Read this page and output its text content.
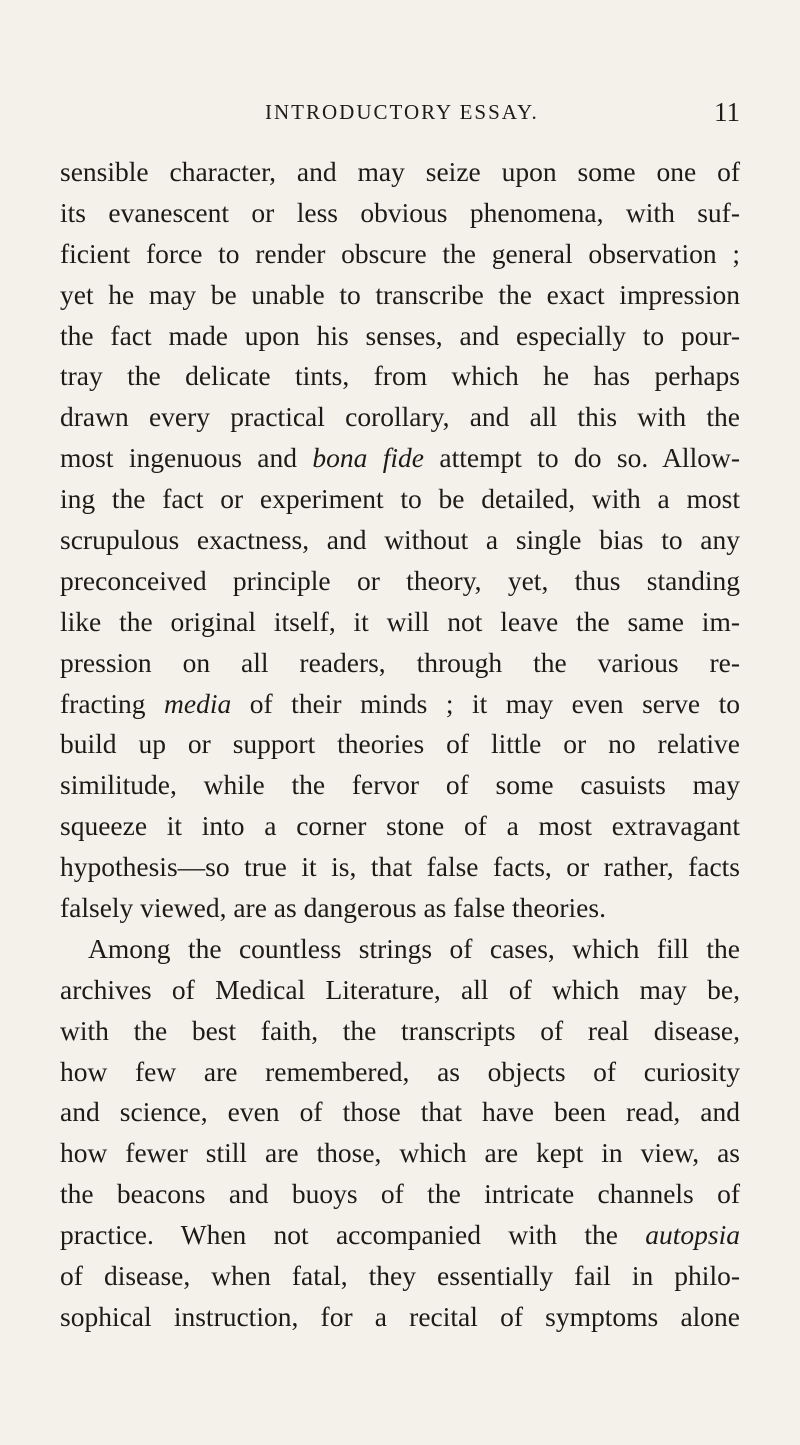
INTRODUCTORY ESSAY.	11
sensible character, and may seize upon some one of
its evanescent or less obvious phenomena, with suf-
ficient force to render obscure the general observation ;
yet he may be unable to transcribe the exact impression
the fact made upon his senses, and especially to pour-
tray the delicate tints, from which he has perhaps
drawn every practical corollary, and all this with the
most ingenuous and bona fide attempt to do so. Allow-
ing the fact or experiment to be detailed, with a most
scrupulous exactness, and without a single bias to any
preconceived principle or theory, yet, thus standing
like the original itself, it will not leave the same im-
pression on all readers, through the various re-
fracting media of their minds ; it may even serve to
build up or support theories of little or no relative
similitude, while the fervor of some casuists may
squeeze it into a corner stone of a most extravagant
hypothesis—so true it is, that false facts, or rather, facts
falsely viewed, are as dangerous as false theories.
Among the countless strings of cases, which fill the
archives of Medical Literature, all of which may be,
with the best faith, the transcripts of real disease,
how few are remembered, as objects of curiosity
and science, even of those that have been read, and
how fewer still are those, which are kept in view, as
the beacons and buoys of the intricate channels of
practice. When not accompanied with the autopsia
of disease, when fatal, they essentially fail in philo-
sophical instruction, for a recital of symptoms alone
